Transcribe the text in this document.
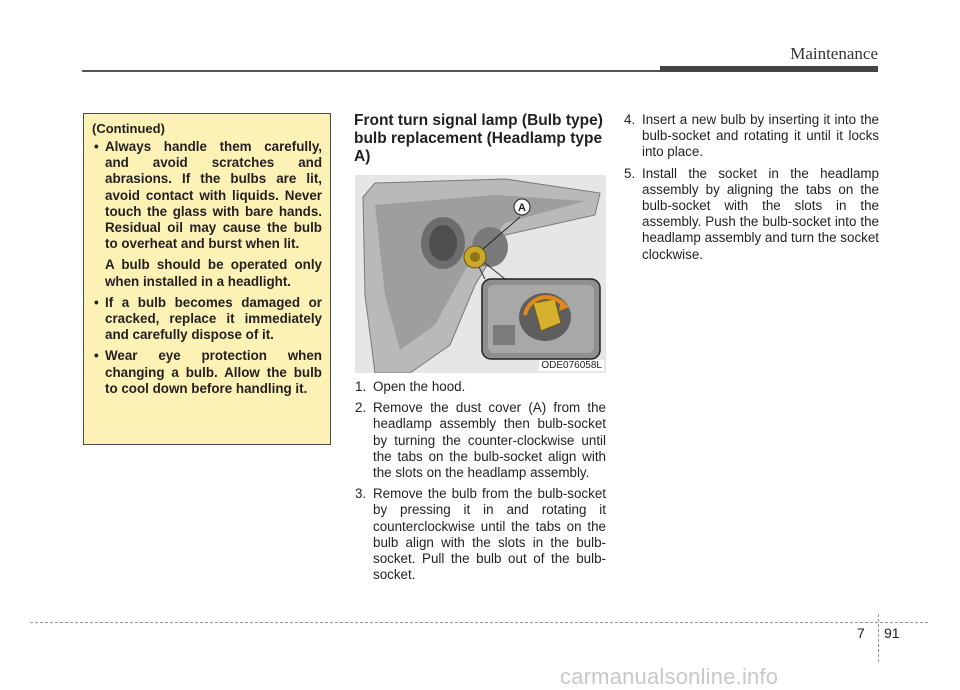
Maintenance

(Continued)

• Always handle them carefully, and avoid scratches and abrasions. If the bulbs are lit, avoid contact with liquids. Never touch the glass with bare hands. Residual oil may cause the bulb to overheat and burst when lit.

A bulb should be operated only when installed in a headlight.

• If a bulb becomes damaged or cracked, replace it immediately and carefully dispose of it.

• Wear eye protection when changing a bulb. Allow the bulb to cool down before handling it.

Front turn signal lamp (Bulb type) bulb replacement (Headlamp type A)
A
ODE076058L
1. Open the hood.
2. Remove the dust cover (A) from the headlamp assembly then bulb-socket by turning the counter-clockwise until the tabs on the bulb-socket align with the slots on the headlamp assembly.
3. Remove the bulb from the bulb-socket by pressing it in and rotating it counterclockwise until the tabs on the bulb align with the slots in the bulb-socket. Pull the bulb out of the bulb-socket.
4. Insert a new bulb by inserting it into the bulb-socket and rotating it until it locks into place.
5. Install the socket in the headlamp assembly by aligning the tabs on the bulb-socket with the slots in the assembly. Push the bulb-socket into the headlamp assembly and turn the socket clockwise.
7 91
carmanualsonline.info
